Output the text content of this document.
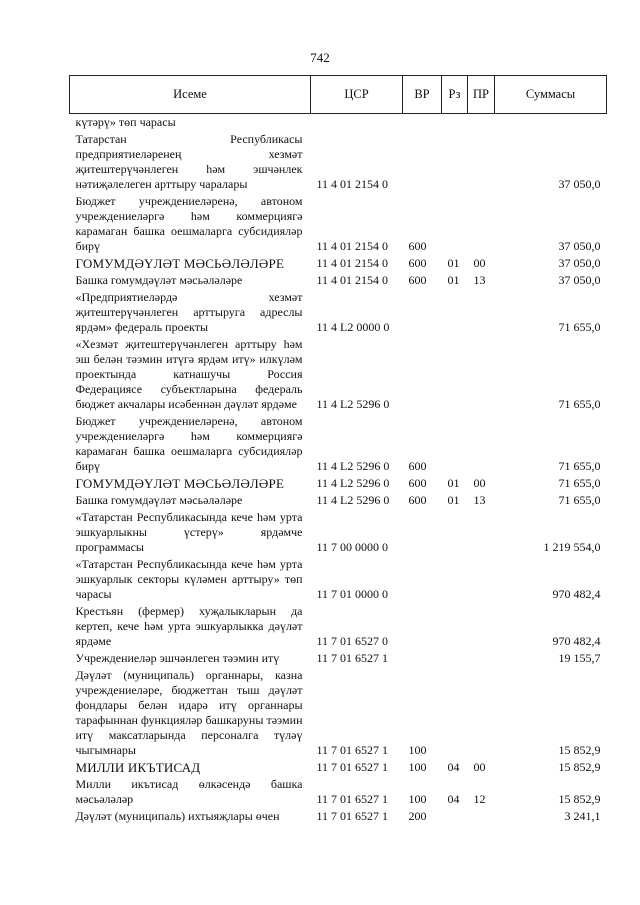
742
Исеме	ЦСР	ВР	Рз	ПР	Суммасы
күтәрү» төп чарасы					
Татарстан Республикасы предприятиеләренең хезмәт җитештерүчәнлеген һәм эшчәнлек нәтиҗәлелеген арттыру чаралары	11 4 01 2154 0				37 050,0
Бюджет учреждениеләренә, автоном учреждениеләргә һәм коммерциягә карамаган башка оешмаларга субсидияләр бирү	11 4 01 2154 0	600			37 050,0
ГОМУМДӘҮЛӘТ МӘСЬӘЛӘЛӘРЕ	11 4 01 2154 0	600	01	00	37 050,0
Башка гомумдәүләт мәсьәләләре	11 4 01 2154 0	600	01	13	37 050,0
«Предприятиеләрдә хезмәт җитештерүчәнлеген арттыруга адреслы ярдәм» федераль проекты	11 4 L2 0000 0				71 655,0
«Хезмәт җитештерүчәнлеген арттыру һәм эш белән тәэмин итүгә ярдәм итү» илкүләм проектында катнашучы Россия Федерациясе субъектларына федераль бюджет акчалары исәбеннән дәүләт ярдәме	11 4 L2 5296 0				71 655,0
Бюджет учреждениеләренә, автоном учреждениеләргә һәм коммерциягә карамаган башка оешмаларга субсидияләр бирү	11 4 L2 5296 0	600			71 655,0
ГОМУМДӘҮЛӘТ МӘСЬӘЛӘЛӘРЕ	11 4 L2 5296 0	600	01	00	71 655,0
Башка гомумдәүләт мәсьәләләре	11 4 L2 5296 0	600	01	13	71 655,0
«Татарстан Республикасында кече һәм урта эшкуарлыкны үстерү» ярдәмче программасы	11 7 00 0000 0				1 219 554,0
«Татарстан Республикасында кече һәм урта эшкуарлык секторы күләмен арттыру» төп чарасы	11 7 01 0000 0				970 482,4
Крестьян (фермер) хуҗалыкларын да кертеп, кече һәм урта эшкуарлыкка дәүләт ярдәме	11 7 01 6527 0				970 482,4
Учреждениеләр эшчәнлеген тәэмин итү	11 7 01 6527 1				19 155,7
Дәүләт (муниципаль) органнары, казна учреждениеләре, бюджеттан тыш дәүләт фондлары белән идарә итү органнары тарафыннан функцияләр башкаруны тәэмин итү максатларында персоналга түләү чыгымнары	11 7 01 6527 1	100			15 852,9
МИЛЛИ ИКЪТИСАД	11 7 01 6527 1	100	04	00	15 852,9
Милли икътисад өлкәсендә башка мәсьәләләр	11 7 01 6527 1	100	04	12	15 852,9
Дәүләт (муниципаль) ихтыяҗлары өчен	11 7 01 6527 1	200			3 241,1
